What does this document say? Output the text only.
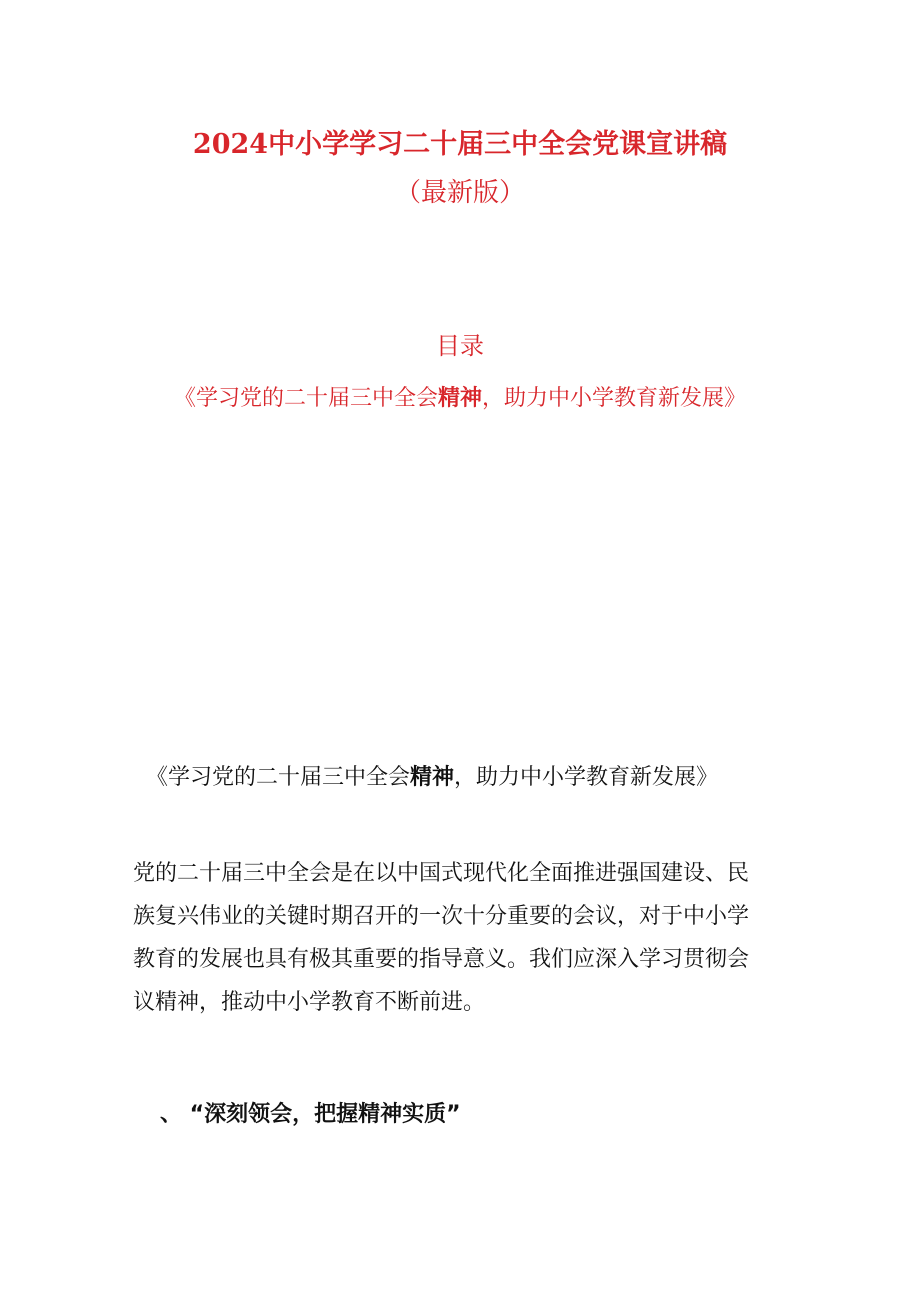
2024中小学学习二十届三中全会党课宣讲稿
（最新版）
目录
《学习党的二十届三中全会精神，助力中小学教育新发展》
《学习党的二十届三中全会精神，助力中小学教育新发展》
党的二十届三中全会是在以中国式现代化全面推进强国建设、民
族复兴伟业的关键时期召开的一次十分重要的会议，对于中小学
教育的发展也具有极其重要的指导意义。我们应深入学习贯彻会
议精神，推动中小学教育不断前进。
、 “深刻领会，把握精神实质”
